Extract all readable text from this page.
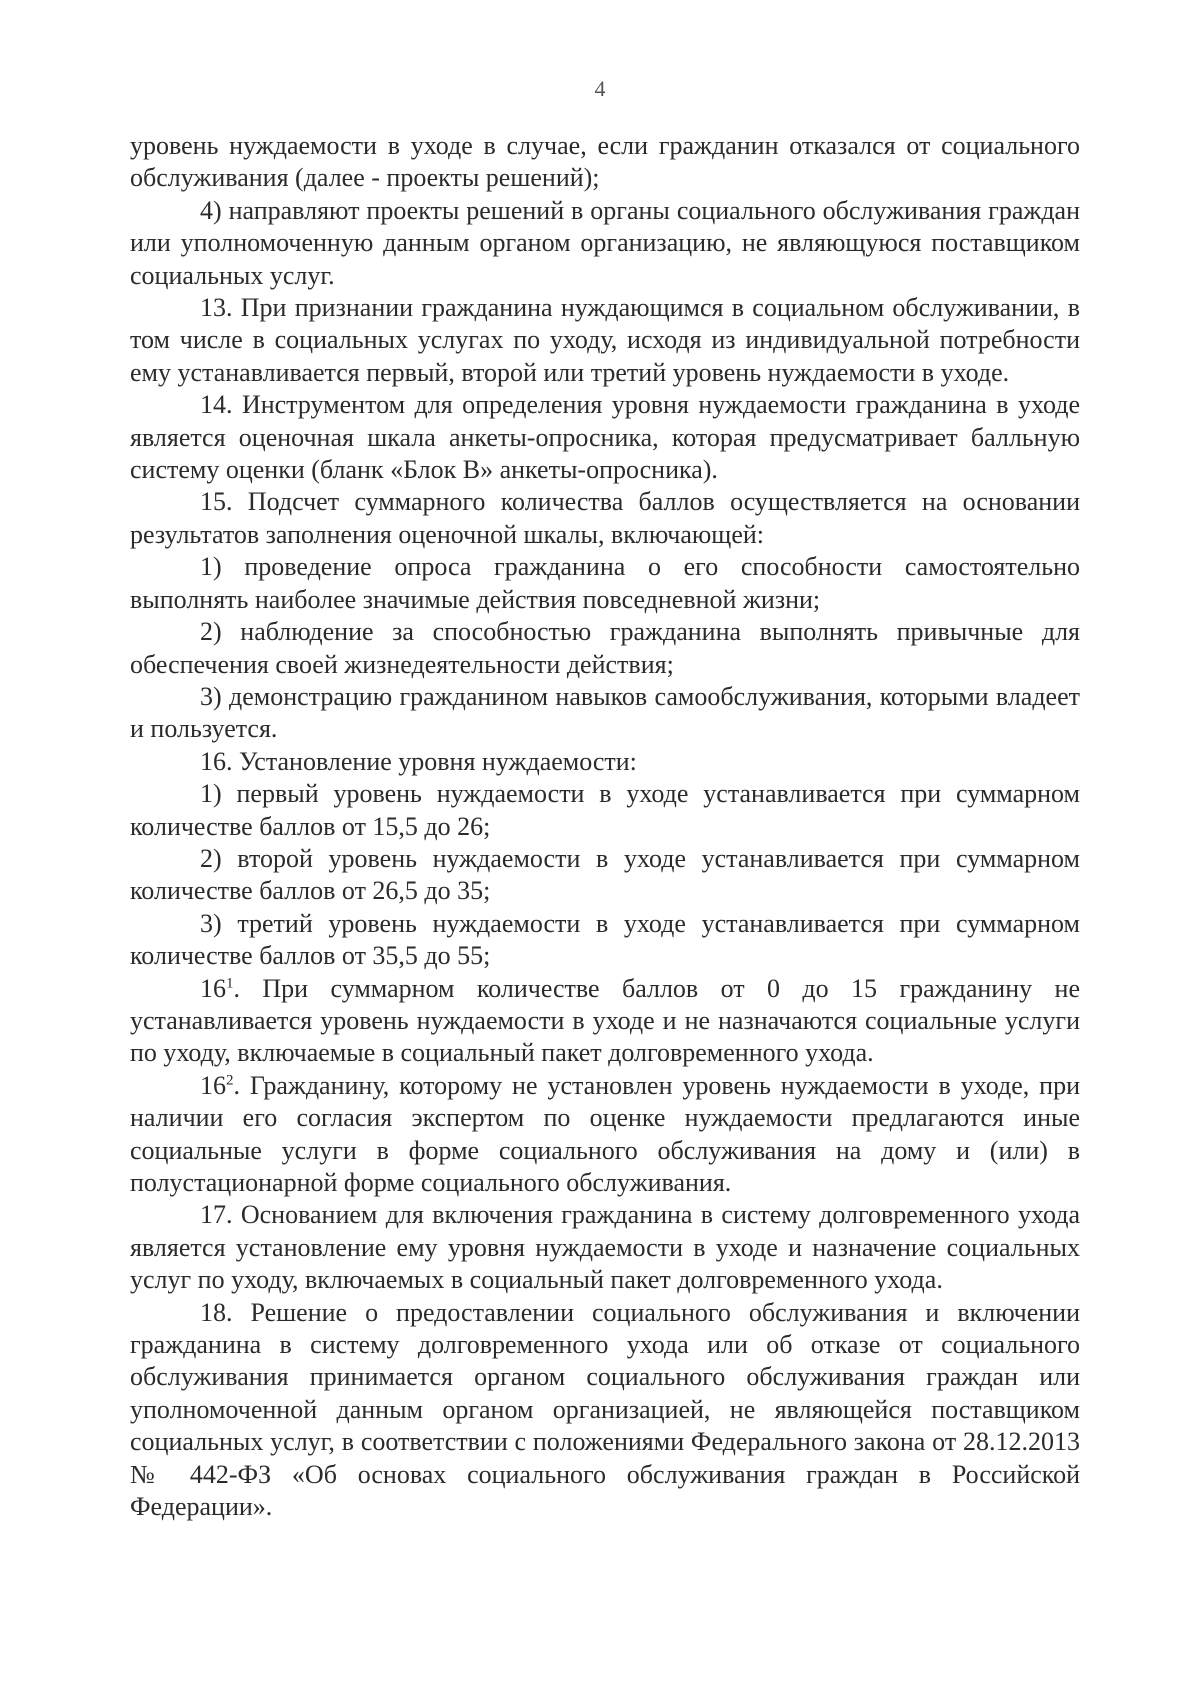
4

уровень нуждаемости в уходе в случае, если гражданин отказался от социального обслуживания (далее - проекты решений);

4) направляют проекты решений в органы социального обслуживания граждан или уполномоченную данным органом организацию, не являющуюся поставщиком социальных услуг.

13. При признании гражданина нуждающимся в социальном обслуживании, в том числе в социальных услугах по уходу, исходя из индивидуальной потребности ему устанавливается первый, второй или третий уровень нуждаемости в уходе.

14. Инструментом для определения уровня нуждаемости гражданина в уходе является оценочная шкала анкеты-опросника, которая предусматривает балльную систему оценки (бланк «Блок В» анкеты-опросника).

15. Подсчет суммарного количества баллов осуществляется на основании результатов заполнения оценочной шкалы, включающей:

1) проведение опроса гражданина о его способности самостоятельно выполнять наиболее значимые действия повседневной жизни;

2) наблюдение за способностью гражданина выполнять привычные для обеспечения своей жизнедеятельности действия;

3) демонстрацию гражданином навыков самообслуживания, которыми владеет и пользуется.

16. Установление уровня нуждаемости:

1) первый уровень нуждаемости в уходе устанавливается при суммарном количестве баллов от 15,5 до 26;

2) второй уровень нуждаемости в уходе устанавливается при суммарном количестве баллов от 26,5 до 35;

3) третий уровень нуждаемости в уходе устанавливается при суммарном количестве баллов от 35,5 до 55;

$16^1$. При суммарном количестве баллов от 0 до 15 гражданину не устанавливается уровень нуждаемости в уходе и не назначаются социальные услуги по уходу, включаемые в социальный пакет долговременного ухода.

$16^2$. Гражданину, которому не установлен уровень нуждаемости в уходе, при наличии его согласия экспертом по оценке нуждаемости предлагаются иные социальные услуги в форме социального обслуживания на дому и (или) в полустационарной форме социального обслуживания.

17. Основанием для включения гражданина в систему долговременного ухода является установление ему уровня нуждаемости в уходе и назначение социальных услуг по уходу, включаемых в социальный пакет долговременного ухода.

18. Решение о предоставлении социального обслуживания и включении гражданина в систему долговременного ухода или об отказе от социального обслуживания принимается органом социального обслуживания граждан или уполномоченной данным органом организацией, не являющейся поставщиком социальных услуг, в соответствии с положениями Федерального закона от 28.12.2013 № 442-ФЗ «Об основах социального обслуживания граждан в Российской Федерации».
